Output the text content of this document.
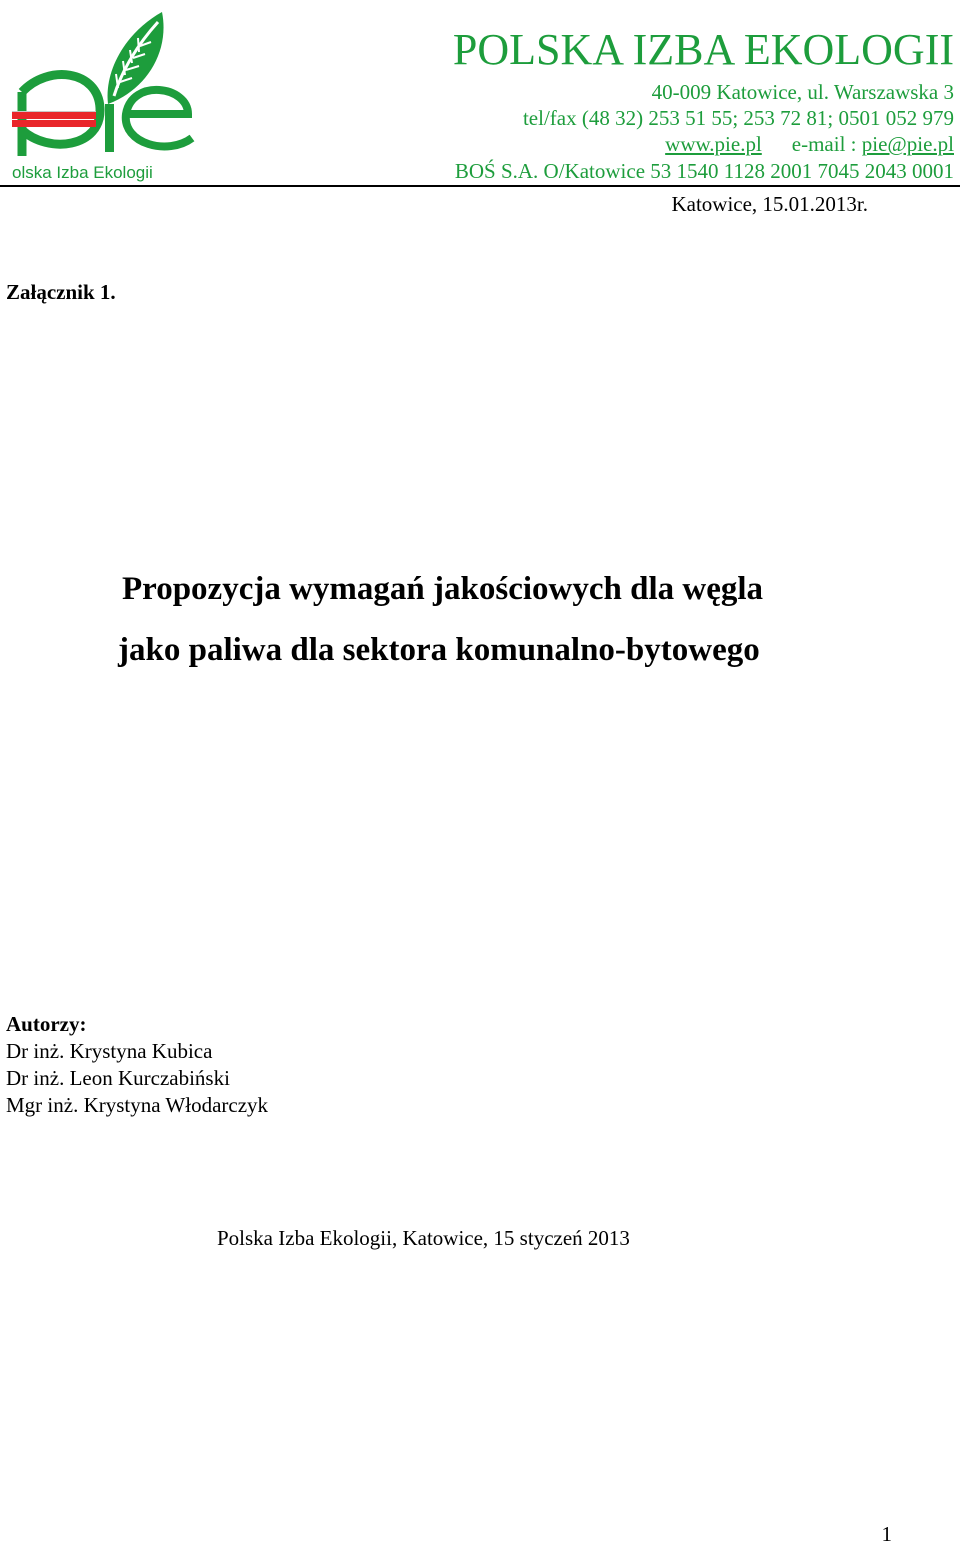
olska Izba Ekologii
POLSKA IZBA EKOLOGII
40-009 Katowice, ul. Warszawska 3
tel/fax (48 32) 253 51 55; 253 72 81; 0501 052 979
www.pie.pl e-mail : pie@pie.pl
BOŚ S.A. O/Katowice 53 1540 1128 2001 7045 2043 0001
Katowice, 15.01.2013r.
Załącznik 1.
Propozycja wymagań jakościowych dla węgla
jako paliwa dla sektora komunalno-bytowego
Autorzy:
Dr inż. Krystyna Kubica
Dr inż. Leon Kurczabiński
Mgr inż. Krystyna Włodarczyk
Polska Izba Ekologii, Katowice, 15 styczeń 2013
1
